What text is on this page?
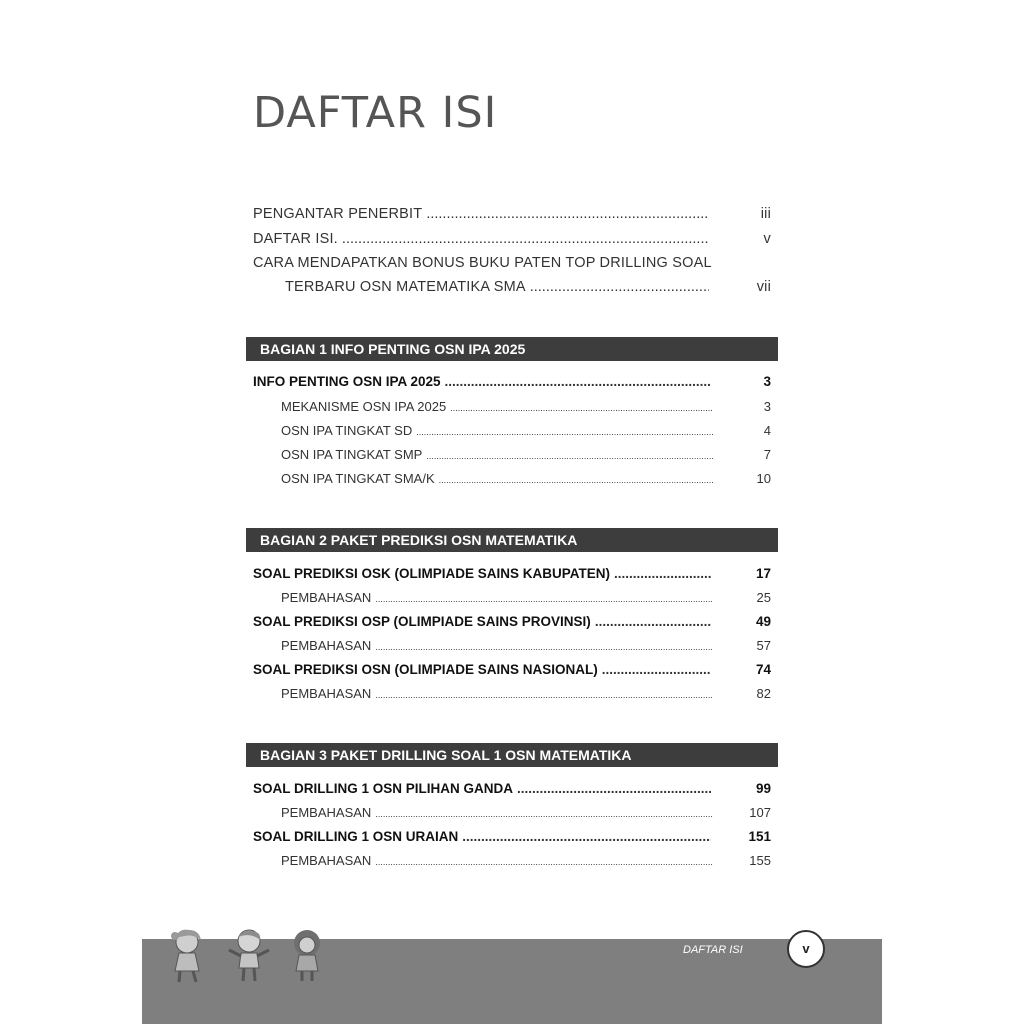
DAFTAR ISI
PENGANTAR PENERBIT .....	iii
DAFTAR ISI. .....	v
CARA MENDAPATKAN BONUS BUKU PATEN TOP DRILLING SOAL
TERBARU OSN MATEMATIKA SMA .....	vii
BAGIAN 1 INFO PENTING OSN IPA 2025
INFO PENTING OSN IPA 2025 .....	3
MEKANISME OSN IPA 2025 .....	3
OSN IPA TINGKAT SD .....	4
OSN IPA TINGKAT SMP .....	7
OSN IPA TINGKAT SMA/K .....	10
BAGIAN 2 PAKET PREDIKSI OSN MATEMATIKA
SOAL PREDIKSI OSK (OLIMPIADE SAINS KABUPATEN) .....	17
PEMBAHASAN .....	25
SOAL PREDIKSI OSP (OLIMPIADE SAINS PROVINSI) .....	49
PEMBAHASAN .....	57
SOAL PREDIKSI OSN (OLIMPIADE SAINS NASIONAL) .....	74
PEMBAHASAN .....	82
BAGIAN 3 PAKET DRILLING SOAL 1 OSN MATEMATIKA
SOAL DRILLING 1 OSN PILIHAN GANDA .....	99
PEMBAHASAN .....	107
SOAL DRILLING 1 OSN URAIAN .....	151
PEMBAHASAN .....	155
DAFTAR ISI	v
